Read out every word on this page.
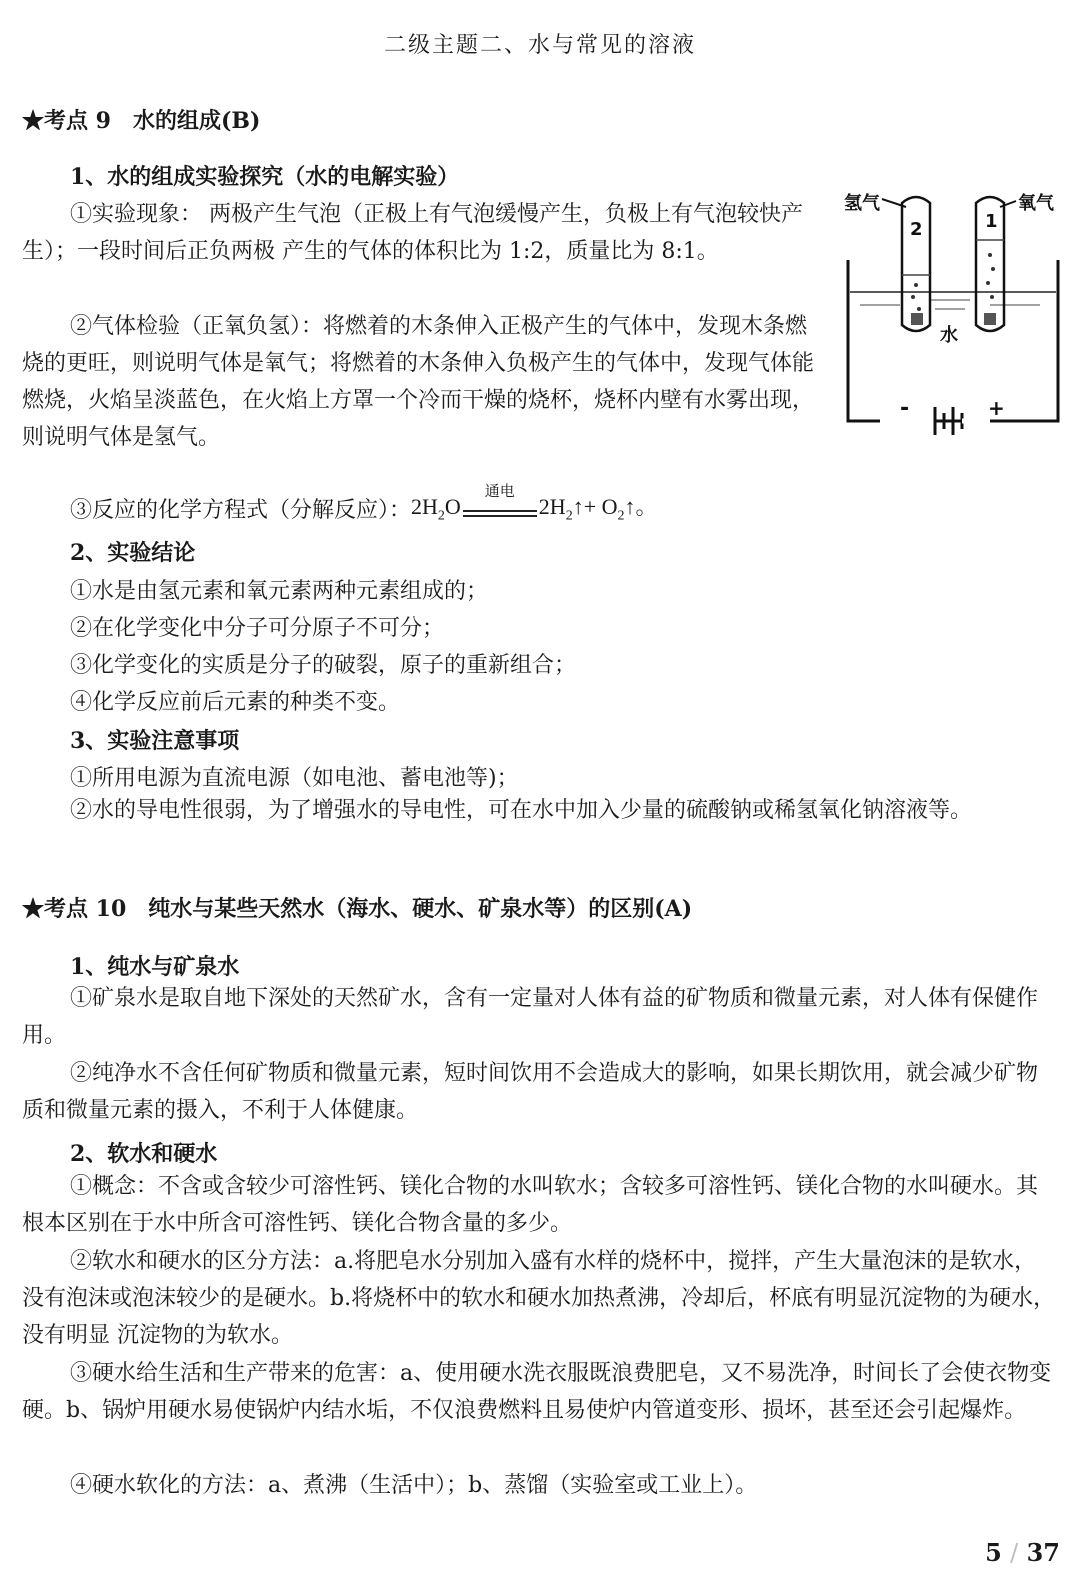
二级主题二、水与常见的溶液
★考点 9　水的组成(B)
1、水的组成实验探究（水的电解实验）

①实验现象： 两极产生气泡（正极上有气泡缓慢产生，负极上有气泡较快产生）；一段时间后正负两极 产生的气体的体积比为 1:2，质量比为 8:1。

②气体检验（正氧负氢）：将燃着的木条伸入正极产生的气体中，发现木条燃烧的更旺，则说明气体是氧气；将燃着的木条伸入负极产生的气体中，发现气体能燃烧，火焰呈淡蓝色，在火焰上方罩一个冷而干燥的烧杯，烧杯内壁有水雾出现，则说明气体是氢气。

③反应的化学方程式（分解反应）： $2H_2O$
通电
$2H_2↑+$ $O_2↑$。
氢气	氧气
2	1
水
-	+
2、实验结论
①水是由氢元素和氧元素两种元素组成的；
②在化学变化中分子可分原子不可分；
③化学变化的实质是分子的破裂，原子的重新组合；
④化学反应前后元素的种类不变。
3、实验注意事项
①所用电源为直流电源（如电池、蓄电池等)；

②水的导电性很弱，为了增强水的导电性，可在水中加入少量的硫酸钠或稀氢氧化钠溶液等。

★考点 10　纯水与某些天然水（海水、硬水、矿泉水等）的区别(A)
1、纯水与矿泉水

①矿泉水是取自地下深处的天然矿水，含有一定量对人体有益的矿物质和微量元素，对人体有保健作用。

②纯净水不含任何矿物质和微量元素，短时间饮用不会造成大的影响，如果长期饮用，就会减少矿物质和微量元素的摄入，不利于人体健康。

2、软水和硬水

①概念：不含或含较少可溶性钙、镁化合物的水叫软水；含较多可溶性钙、镁化合物的水叫硬水。其根本区别在于水中所含可溶性钙、镁化合物含量的多少。

②软水和硬水的区分方法：a.将肥皂水分别加入盛有水样的烧杯中，搅拌，产生大量泡沫的是软水，没有泡沫或泡沫较少的是硬水。b.将烧杯中的软水和硬水加热煮沸，冷却后，杯底有明显沉淀物的为硬水，没有明显 沉淀物的为软水。

③硬水给生活和生产带来的危害：a、使用硬水洗衣服既浪费肥皂，又不易洗净，时间长了会使衣物变硬。b、锅炉用硬水易使锅炉内结水垢，不仅浪费燃料且易使炉内管道变形、损坏，甚至还会引起爆炸。

④硬水软化的方法：a、煮沸（生活中）；b、蒸馏（实验室或工业上）。

5 / 37
